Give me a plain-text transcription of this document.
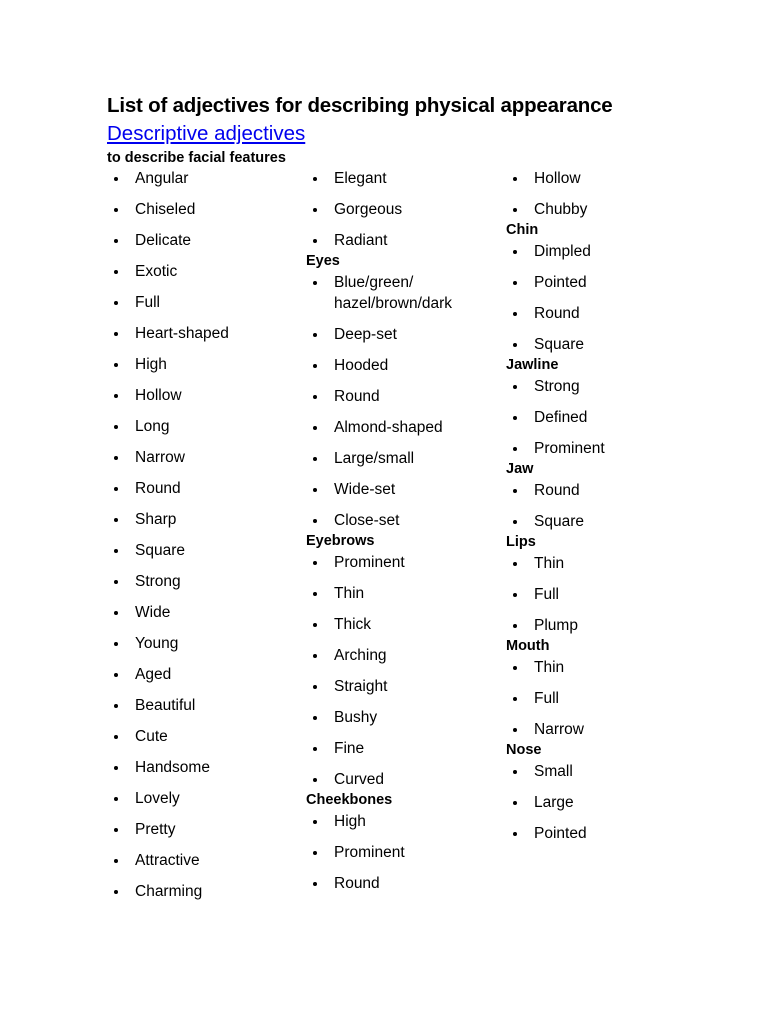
List of adjectives for describing physical appearance
Descriptive adjectives
to describe facial features
Angular
Chiseled
Delicate
Exotic
Full
Heart-shaped
High
Hollow
Long
Narrow
Round
Sharp
Square
Strong
Wide
Young
Aged
Beautiful
Cute
Handsome
Lovely
Pretty
Attractive
Charming
Elegant
Gorgeous
Radiant
Eyes
Blue/green/ hazel/brown/dark
Deep-set
Hooded
Round
Almond-shaped
Large/small
Wide-set
Close-set
Eyebrows
Prominent
Thin
Thick
Arching
Straight
Bushy
Fine
Curved
Cheekbones
High
Prominent
Round
Hollow
Chubby
Chin
Dimpled
Pointed
Round
Square
Jawline
Strong
Defined
Prominent
Jaw
Round
Square
Lips
Thin
Full
Plump
Mouth
Thin
Full
Narrow
Nose
Small
Large
Pointed
